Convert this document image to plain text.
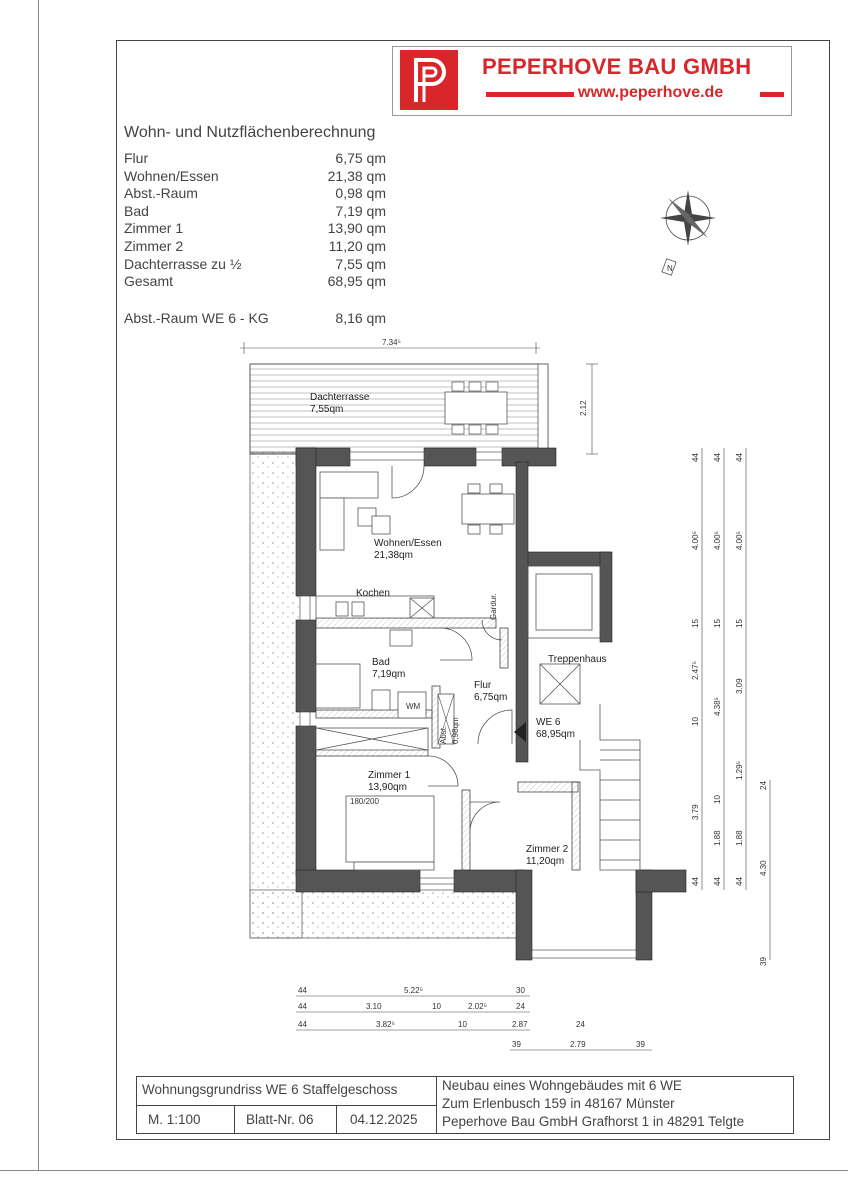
PEPERHOVE BAU GMBH
www.peperhove.de
Wohn- und Nutzflächenberechnung
Flur	6,75 qm
Wohnen/Essen	21,38 qm
Abst.-Raum	0,98 qm
Bad	7,19 qm
Zimmer 1	13,90 qm
Zimmer 2	11,20 qm
Dachterrasse zu ½	7,55 qm
Gesamt	68,95 qm
Abst.-Raum WE 6 - KG	8,16 qm
N
WM
180/200
Dachterrasse
7,55qm
Wohnen/Essen
21,38qm
Kochen
Bad
7,19qm
Flur
6,75qm
Abst. 0,98qm
Zimmer 1
13,90qm
Zimmer 2
11,20qm
Treppenhaus
WE 6
68,95qm
Gardur.
7.34⁵
2.12
44	5.22⁵	30
44	3.10	10	2.02⁵	24
44	3.82⁵	10	2.87	24
39	2.79	39
44
4.00⁵
15
2.47⁵
10
3.79
1.88
44
44
4.00⁵
15
4.38⁵
10
1.88
44
44
4.00⁵
15
3.09
1.29⁵
44
24
4.30
39
Wohnungsgrundriss WE 6 Staffelgeschoss
M. 1:100	Blatt-Nr. 06	04.12.2025
Neubau eines Wohngebäudes mit 6 WE
Zum Erlenbusch 159 in 48167 Münster
Peperhove Bau GmbH Grafhorst 1 in 48291 Telgte
